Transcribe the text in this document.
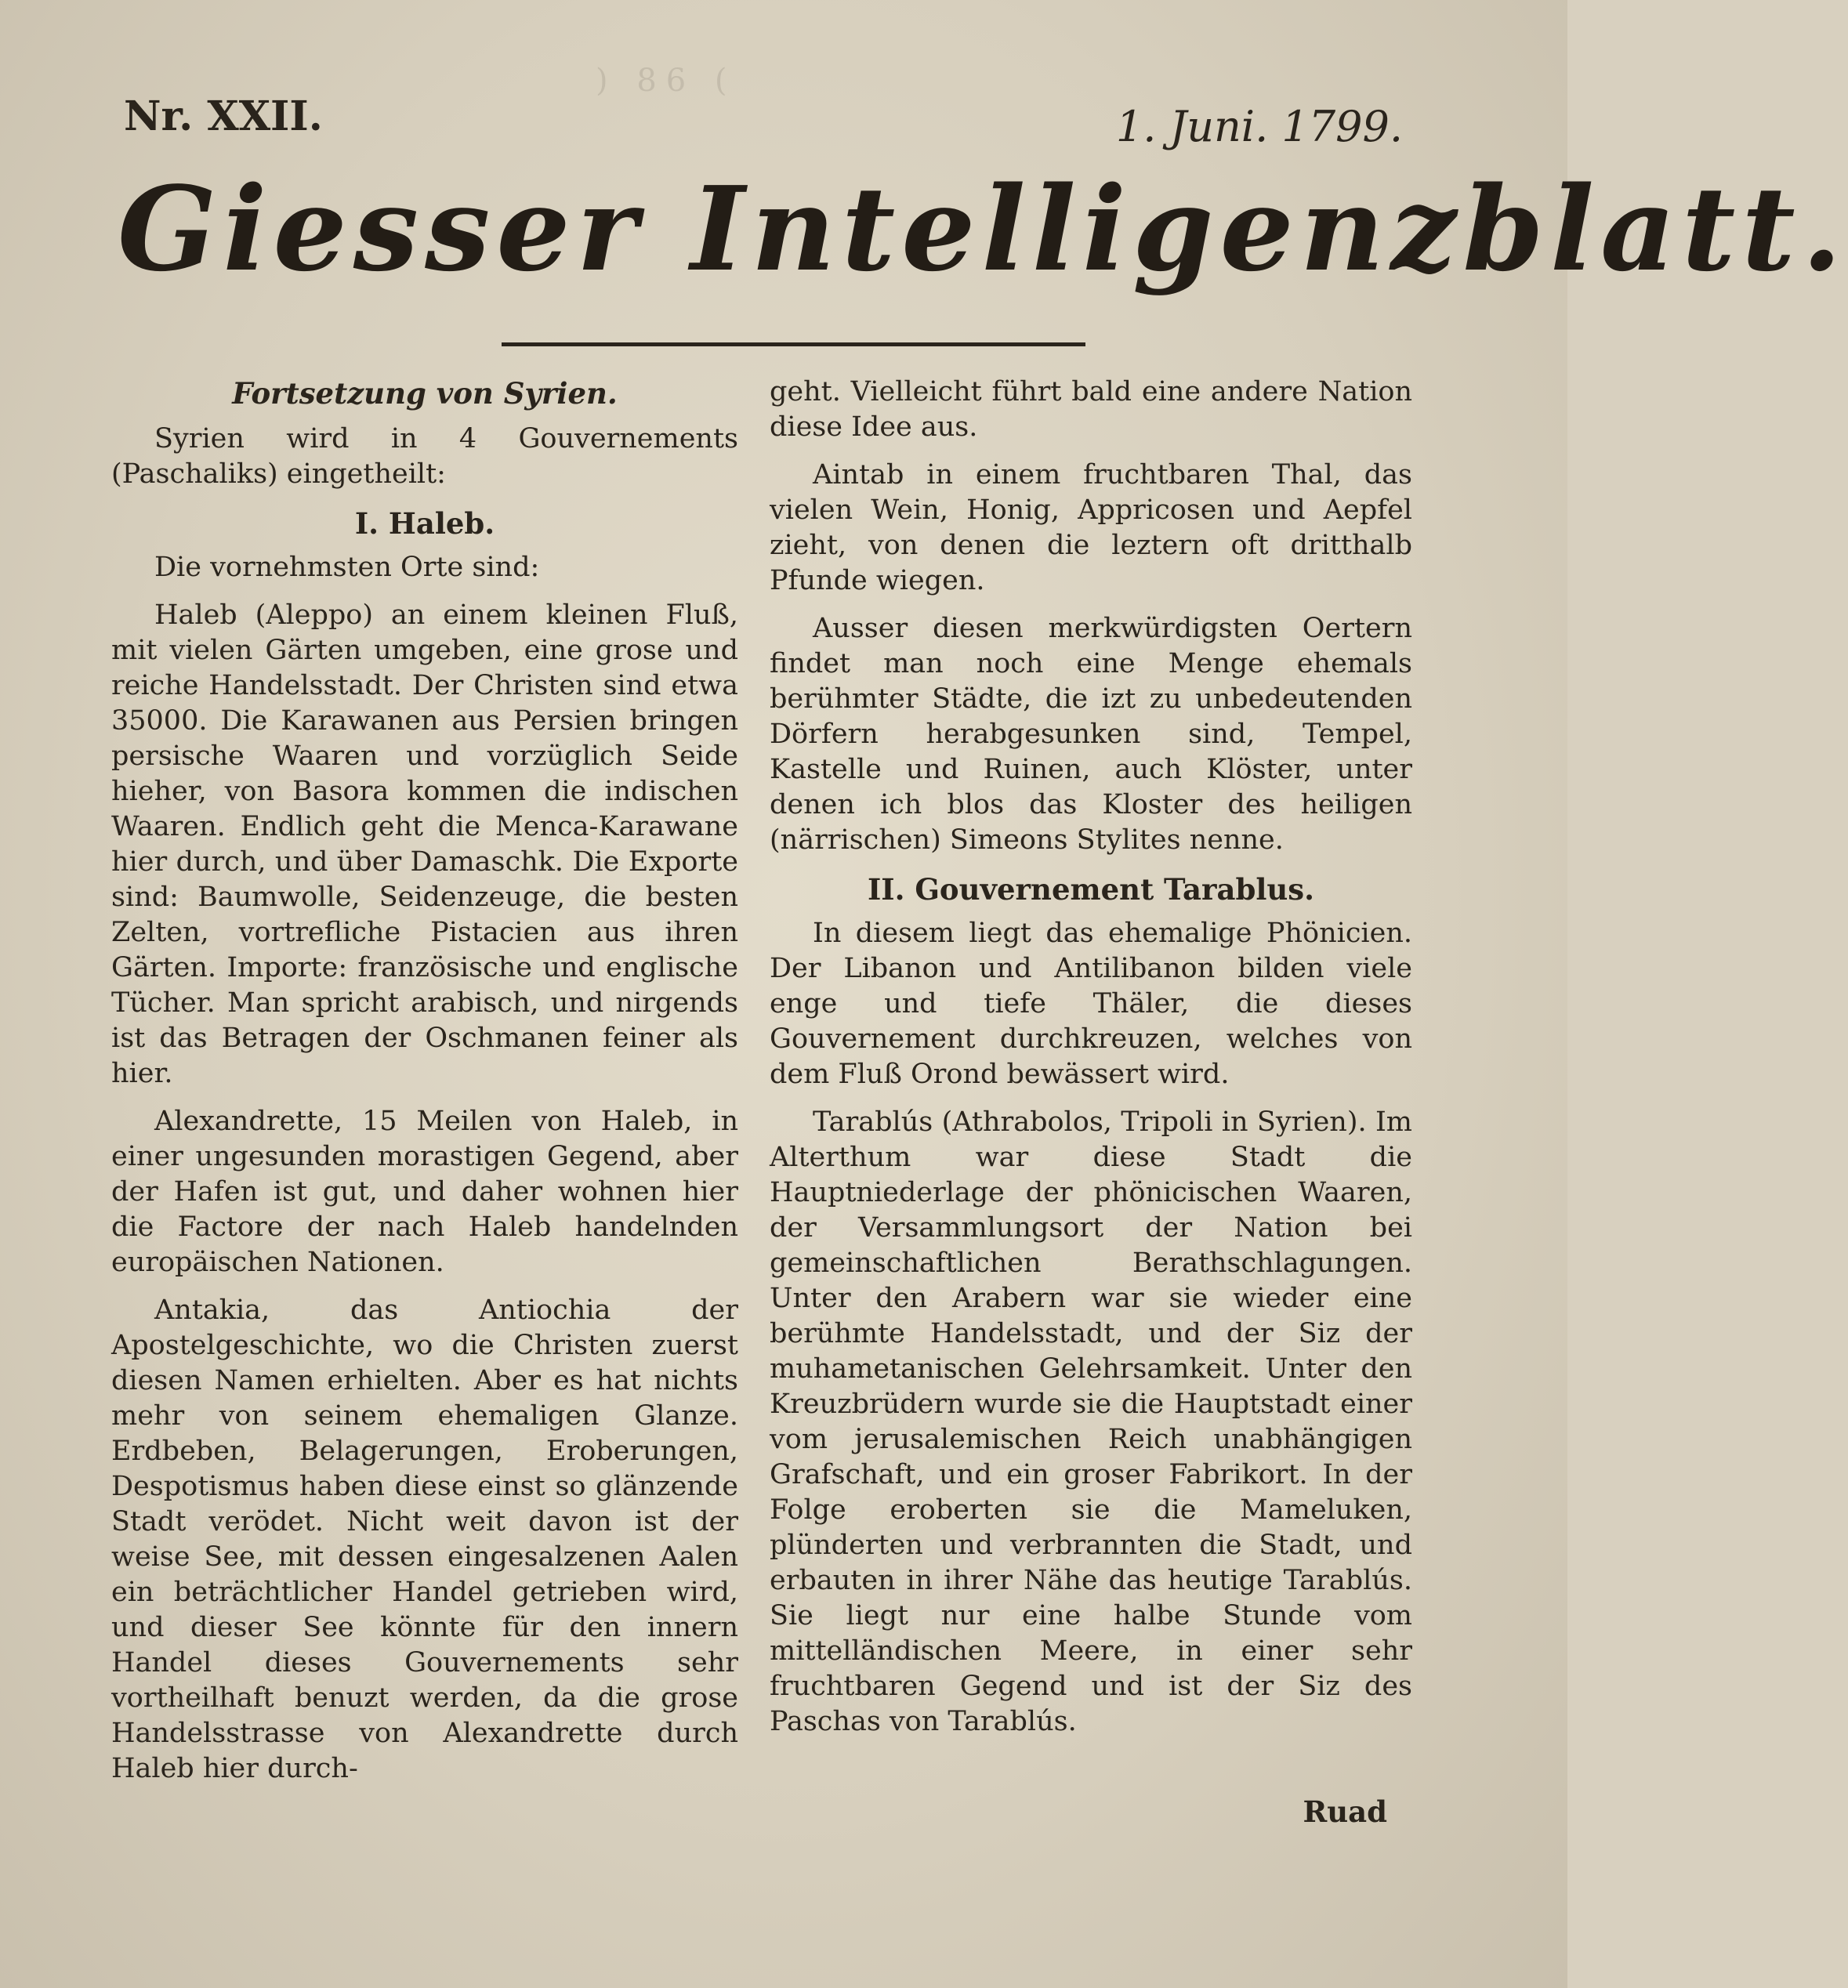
) 86 (
Nr. XXII.	1. Juni. 1799.
Giesser Intelligenzblatt.
Fortsetzung von Syrien.

Syrien wird in 4 Gouvernements (Paschaliks) eingetheilt:

I. Haleb.

Die vornehmsten Orte sind:

Haleb (Aleppo) an einem kleinen Fluß, mit vielen Gärten umgeben, eine grose und reiche Handelsstadt. Der Christen sind etwa 35000. Die Karawanen aus Persien bringen persische Waaren und vorzüglich Seide hieher, von Basora kommen die indischen Waaren. Endlich geht die Menca-Karawane hier durch, und über Damaschk. Die Exporte sind: Baumwolle, Seidenzeuge, die besten Zelten, vortrefliche Pistacien aus ihren Gärten. Importe: französische und englische Tücher. Man spricht arabisch, und nirgends ist das Betragen der Oschmanen feiner als hier.

Alexandrette, 15 Meilen von Haleb, in einer ungesunden morastigen Gegend, aber der Hafen ist gut, und daher wohnen hier die Factore der nach Haleb handelnden europäischen Nationen.

Antakia, das Antiochia der Apostelgeschichte, wo die Christen zuerst diesen Namen erhielten. Aber es hat nichts mehr von seinem ehemaligen Glanze. Erdbeben, Belagerungen, Eroberungen, Despotismus haben diese einst so glänzende Stadt verödet. Nicht weit davon ist der weise See, mit dessen eingesalzenen Aalen ein beträchtlicher Handel getrieben wird, und dieser See könnte für den innern Handel dieses Gouvernements sehr vortheilhaft benuzt werden, da die grose Handelsstrasse von Alexandrette durch Haleb hier durch-

geht. Vielleicht führt bald eine andere Nation diese Idee aus.

Aintab in einem fruchtbaren Thal, das vielen Wein, Honig, Appricosen und Aepfel zieht, von denen die leztern oft dritthalb Pfunde wiegen.

Ausser diesen merkwürdigsten Oertern findet man noch eine Menge ehemals berühmter Städte, die izt zu unbedeutenden Dörfern herabgesunken sind, Tempel, Kastelle und Ruinen, auch Klöster, unter denen ich blos das Kloster des heiligen (närrischen) Simeons Stylites nenne.

II. Gouvernement Tarablus.

In diesem liegt das ehemalige Phönicien. Der Libanon und Antilibanon bilden viele enge und tiefe Thäler, die dieses Gouvernement durchkreuzen, welches von dem Fluß Orond bewässert wird.

Tarablús (Athrabolos, Tripoli in Syrien). Im Alterthum war diese Stadt die Hauptniederlage der phönicischen Waaren, der Versammlungsort der Nation bei gemeinschaftlichen Berathschlagungen. Unter den Arabern war sie wieder eine berühmte Handelsstadt, und der Siz der muhametanischen Gelehrsamkeit. Unter den Kreuzbrüdern wurde sie die Hauptstadt einer vom jerusalemischen Reich unabhängigen Grafschaft, und ein groser Fabrikort. In der Folge eroberten sie die Mameluken, plünderten und verbrannten die Stadt, und erbauten in ihrer Nähe das heutige Tarablús. Sie liegt nur eine halbe Stunde vom mittelländischen Meere, in einer sehr fruchtbaren Gegend und ist der Siz des Paschas von Tarablús.

Ruad
